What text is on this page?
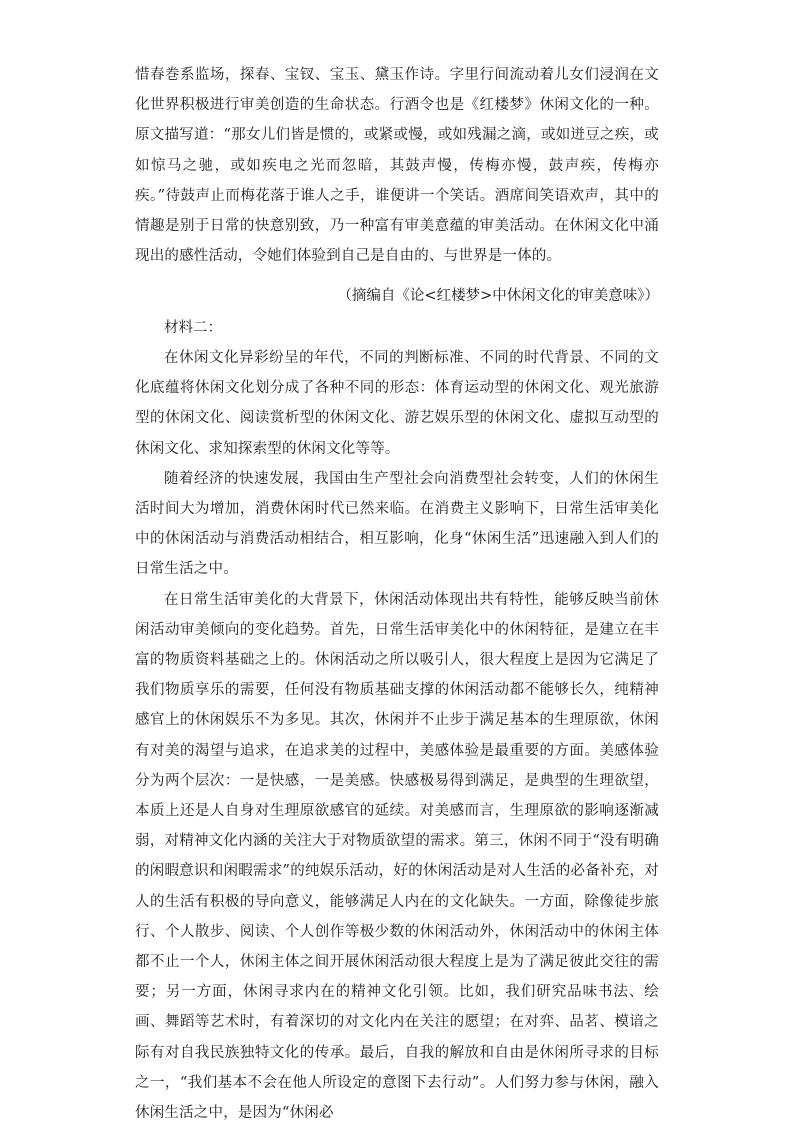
惜春巻系监场，探春、宝钗、宝玉、黛玉作诗。字里行间流动着儿女们浸润在文化世界积极进行审美创造的生命状态。行酒令也是《红楼梦》休闲文化的一种。原文描写道：“那女儿们皆是惯的，或紧或慢，或如残漏之滴，或如迸豆之疾，或如惊马之驰，或如疾电之光而忽暗，其鼓声慢，传梅亦慢，鼓声疾，传梅亦疾。”待鼓声止而梅花落于谁人之手，谁便讲一个笑话。酒席间笑语欢声，其中的情趣是别于日常的快意别致，乃一种富有审美意蕴的审美活动。在休闲文化中涌现出的感性活动，令她们体验到自己是自由的、与世界是一体的。

（摘编自《论<红楼梦>中休闲文化的审美意味》）

材料二：

在休闲文化异彩纷呈的年代，不同的判断标准、不同的时代背景、不同的文化底蕴将休闲文化划分成了各种不同的形态：体育运动型的休闲文化、观光旅游型的休闲文化、阅读赏析型的休闲文化、游艺娱乐型的休闲文化、虚拟互动型的休闲文化、求知探索型的休闲文化等等。

随着经济的快速发展，我国由生产型社会向消费型社会转变，人们的休闲生活时间大为增加，消费休闲时代已然来临。在消费主义影响下，日常生活审美化中的休闲活动与消费活动相结合，相互影响，化身“休闲生活”迅速融入到人们的日常生活之中。

在日常生活审美化的大背景下，休闲活动体现出共有特性，能够反映当前休闲活动审美倾向的变化趋势。首先，日常生活审美化中的休闲特征，是建立在丰富的物质资料基础之上的。休闲活动之所以吸引人，很大程度上是因为它满足了我们物质享乐的需要，任何没有物质基础支撑的休闲活动都不能够长久，纯精神感官上的休闲娱乐不为多见。其次，休闲并不止步于满足基本的生理原欲，休闲有对美的渴望与追求，在追求美的过程中，美感体验是最重要的方面。美感体验分为两个层次：一是快感，一是美感。快感极易得到满足，是典型的生理欲望，本质上还是人自身对生理原欲感官的延续。对美感而言，生理原欲的影响逐渐减弱，对精神文化内涵的关注大于对物质欲望的需求。第三，休闲不同于“没有明确的闲暇意识和闲暇需求”的纯娱乐活动，好的休闲活动是对人生活的必备补充，对人的生活有积极的导向意义，能够满足人内在的文化缺失。一方面，除像徒步旅行、个人散步、阅读、个人创作等极少数的休闲活动外，休闲活动中的休闲主体都不止一个人，休闲主体之间开展休闲活动很大程度上是为了满足彼此交往的需要；另一方面，休闲寻求内在的精神文化引领。比如，我们研究品味书法、绘画、舞蹈等艺术时，有着深切的对文化内在关注的愿望；在对弈、品茗、模谙之际有对自我民族独特文化的传承。最后，自我的解放和自由是休闲所寻求的目标之一，“我们基本不会在他人所设定的意图下去行动”。人们努力参与休闲，融入休闲生活之中，是因为“休闲必
